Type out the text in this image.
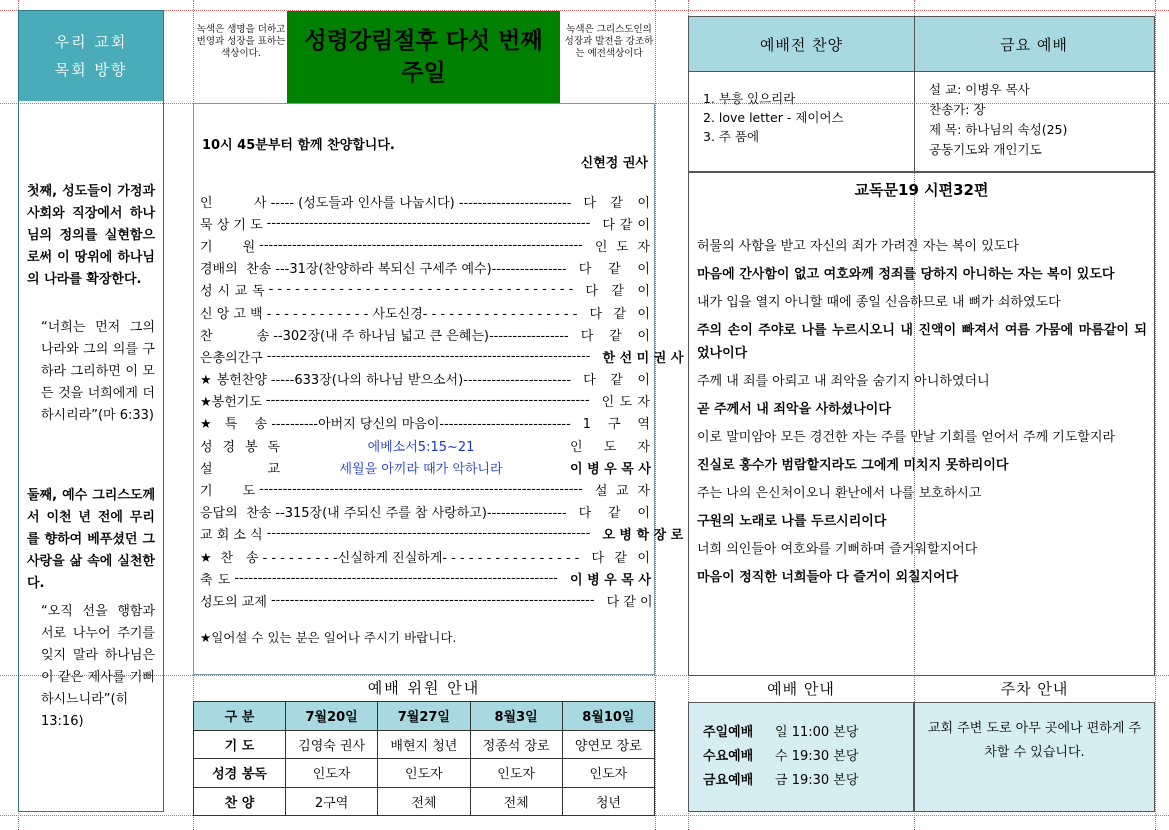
우리 교회
목회 방향
첫째, 성도들이 가정과 사회와 직장에서 하나님의 정의를 실현함으로써 이 땅위에 하나님의 나라를 확장한다.
“너희는 먼저 그의 나라와 그의 의를 구하라 그리하면 이 모든 것을 너희에게 더하시리라”(마 6:33)
둘째, 예수 그리스도께서 이천 년 전에 무리를 향하여 베푸셨던 그 사랑을 삶 속에 실천한다.
“오직 선을 행함과 서로 나누어 주기를 잊지 말라 하나님은 이 같은 제사를 기뻐하시느니라”(히 13:16)
녹색은 생명을 더하고 번영과 성장을 표하는 색상이다.	성령강림절후 다섯 번째 주일
녹색은 그리스도인의 성장과 발전을 강조하는 예전색상이다
10시 45분부터 함께 찬양합니다.
신현정 권사
인 사 ----- (성도들과 인사를 나눕시다) ------------------------ 다 같 이
묵 상 기 도 --------------------------------------------------------------------- 다 같 이
기 원 --------------------------------------------------------------------- 인 도 자
경배의 찬송 ---31장(찬양하라 복되신 구세주 예수)---------------- 다 같 이
성 시 교 독 - - - - - - - - - - - - - - - - - - - - - - - - - - - - - - - - - - - 다 같 이
신 앙 고 백 - - - - - - - - - - - - 사도신경- - - - - - - - - - - - - - - - - - 다 같 이
찬 송 --302장(내 주 하나님 넓고 큰 은혜는)----------------- 다 같 이
은총의간구 --------------------------------------------------------------------- 한 선 미 권 사
★봉헌찬양 -----633장(나의 하나님 받으소서)----------------------- 다 같 이
★봉헌기도 --------------------------------------------------------------------- 인 도 자
★특 송 ----------아버지 당신의 마음이---------------------------- 1 구 역
성 경 봉 독	에베소서5:15~21	인 도 자
설 교	세월을 아끼라 때가 악하니라	이 병 우 목 사
기 도 --------------------------------------------------------------------- 설 교 자
응답의 찬송 --315장(내 주되신 주를 참 사랑하고)----------------- 다 같 이
교 회 소 식 --------------------------------------------------------------------- 오 병 학 장 로
★찬 송 - - - - - - - - -신실하게 진실하게- - - - - - - - - - - - - - - - 다 같 이
축 도 --------------------------------------------------------------------- 이 병 우 목 사
성도의 교제 --------------------------------------------------------------------- 다 같 이
★일어설 수 있는 분은 일어나 주시기 바랍니다.
예배 위원 안내
구 분	7월20일	7월27일	8월3일	8월10일
기 도	김영숙 권사	배현지 청년	정종석 장로	양연모 장로
성경 봉독	인도자	인도자	인도자	인도자
찬 양	2구역	전체	전체	청년
예배전 찬양	금요 예배
1. 부흥 있으리라
2. love letter - 제이어스
3. 주 품에
설 교: 이병우 목사
찬송가: 장
제 목: 하나님의 속성(25)
공동기도와 개인기도
교독문19 시편32편
허물의 사함을 받고 자신의 죄가 가려진 자는 복이 있도다
마음에 간사함이 없고 여호와께 정죄를 당하지 아니하는 자는 복이 있도다
내가 입을 열지 아니할 때에 종일 신음하므로 내 뼈가 쇠하였도다
주의 손이 주야로 나를 누르시오니 내 진액이 빠져서 여름 가뭄에 마름같이 되었나이다
주께 내 죄를 아뢰고 내 죄악을 숨기지 아니하였더니
곧 주께서 내 죄악을 사하셨나이다
이로 말미암아 모든 경건한 자는 주를 만날 기회를 얻어서 주께 기도할지라
진실로 홍수가 범람할지라도 그에게 미치지 못하리이다
주는 나의 은신처이오니 환난에서 나를 보호하시고
구원의 노래로 나를 두르시리이다
너희 의인들아 여호와를 기뻐하며 즐거워할지어다
마음이 정직한 너희들아 다 즐거이 외칠지어다
예배 안내	주차 안내
주일예배 일 11:00 본당
수요예배 수 19:30 본당
금요예배 금 19:30 본당
교회 주변 도로 아무 곳에나 편하게 주차할 수 있습니다.
